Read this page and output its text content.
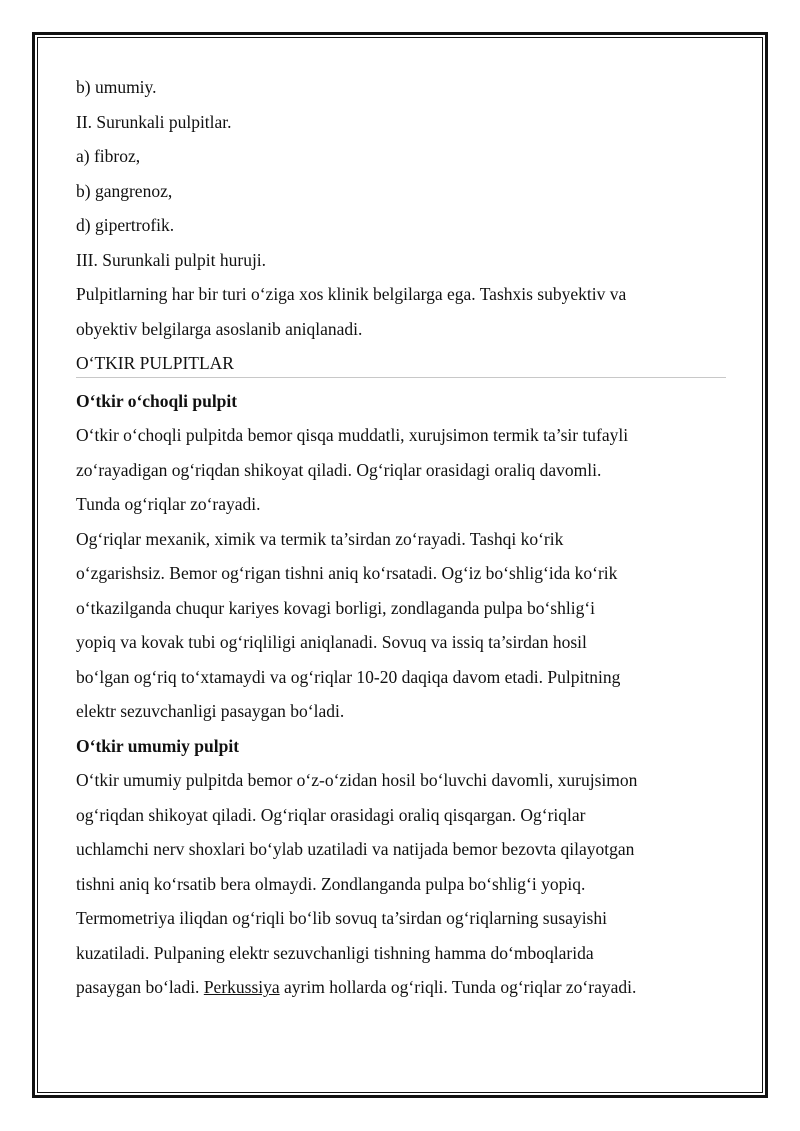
b) umumiy.
II. Surunkali pulpitlar.
a) fibroz,
b) gangrenoz,
d) gipertrofik.
III. Surunkali pulpit huruji.
Pulpitlarning har bir turi o‘ziga xos klinik belgilarga ega. Tashxis subyektiv va
obyektiv belgilarga asoslanib aniqlanadi.
O‘TKIR PULPITLAR
O‘tkir o‘choqli pulpit
O‘tkir o‘choqli pulpitda bemor qisqa muddatli, xurujsimon termik ta’sir tufayli
zo‘rayadigan og‘riqdan shikoyat qiladi. Og‘riqlar orasidagi oraliq davomli.
Tunda og‘riqlar zo‘rayadi.
Og‘riqlar mexanik, ximik va termik ta’sirdan zo‘rayadi. Tashqi ko‘rik
o‘zgarishsiz. Bemor og‘rigan tishni aniq ko‘rsatadi. Og‘iz bo‘shlig‘ida ko‘rik
o‘tkazilganda chuqur kariyes kovagi borligi, zondlaganda pulpa bo‘shlig‘i
yopiq va kovak tubi og‘riqliligi aniqlanadi. Sovuq va issiq ta’sirdan hosil
bo‘lgan og‘riq to‘xtamaydi va og‘riqlar 10-20 daqiqa davom etadi. Pulpitning
elektr sezuvchanligi pasaygan bo‘ladi.
O‘tkir umumiy pulpit
O‘tkir umumiy pulpitda bemor o‘z-o‘zidan hosil bo‘luvchi davomli, xurujsimon
og‘riqdan shikoyat qiladi. Og‘riqlar orasidagi oraliq qisqargan. Og‘riqlar
uchlamchi nerv shoxlari bo‘ylab uzatiladi va natijada bemor bezovta qilayotgan
tishni aniq ko‘rsatib bera olmaydi. Zondlanganda pulpa bo‘shlig‘i yopiq.
Termometriya iliqdan og‘riqli bo‘lib sovuq ta’sirdan og‘riqlarning susayishi
kuzatiladi. Pulpaning elektr sezuvchanligi tishning hamma do‘mboqlarida
pasaygan bo‘ladi. Perkussiya ayrim hollarda og‘riqli. Tunda og‘riqlar zo‘rayadi.
